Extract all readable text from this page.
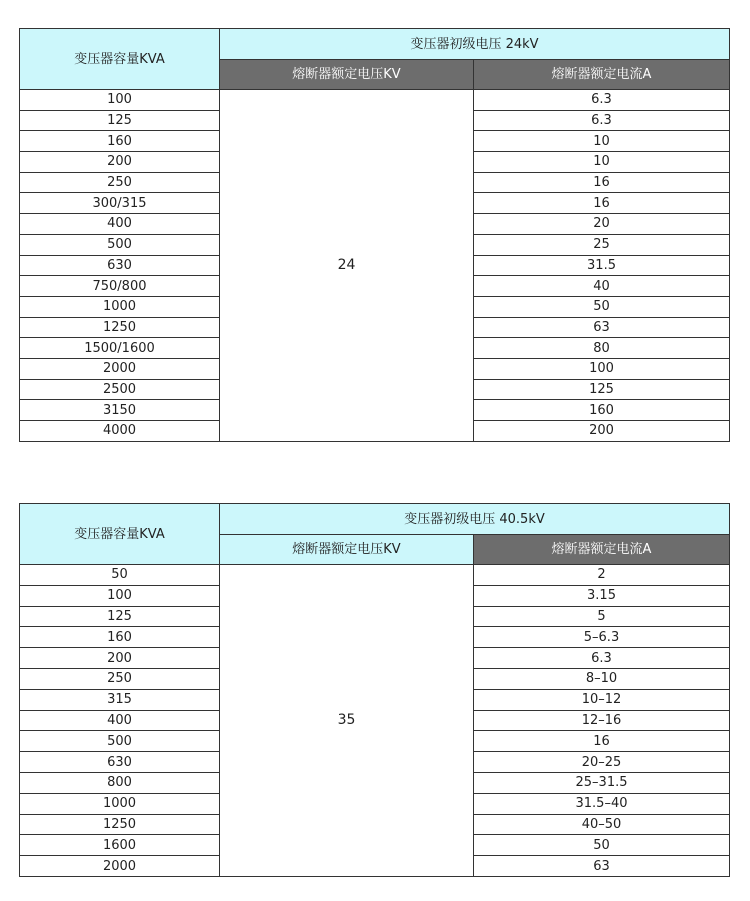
变压器容量KVA	变压器初级电压 24kV	
	熔断器额定电压KV	熔断器额定电流A
100	24	6.3
125		6.3
160		10
200		10
250		16
300/315		16
400		20
500		25
630		31.5
750/800		40
1000		50
1250		63
1500/1600		80
2000		100
2500		125
3150		160
4000		200
变压器容量KVA	变压器初级电压 40.5kV	
	熔断器额定电压KV	熔断器额定电流A
50	35	2
100		3.15
125		5
160		5–6.3
200		6.3
250		8–10
315		10–12
400		12–16
500		16
630		20–25
800		25–31.5
1000		31.5–40
1250		40–50
1600		50
2000		63
